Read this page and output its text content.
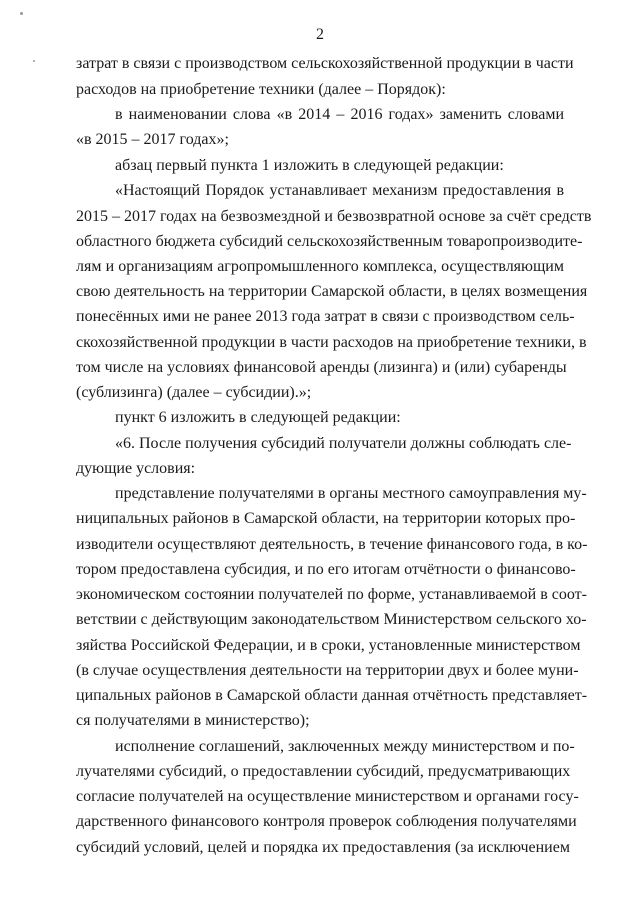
2
затрат в связи с производством сельскохозяйственной продукции в части
расходов на приобретение техники (далее – Порядок):
в наименовании слова «в 2014 – 2016 годах» заменить словами
«в 2015 – 2017 годах»;
абзац первый пункта 1 изложить в следующей редакции:
«Настоящий Порядок устанавливает механизм предоставления в
2015 – 2017 годах на безвозмездной и безвозвратной основе за счёт средств
областного бюджета субсидий сельскохозяйственным товаропроизводите-
лям и организациям агропромышленного комплекса, осуществляющим
свою деятельность на территории Самарской области, в целях возмещения
понесённых ими не ранее 2013 года затрат в связи с производством сель-
скохозяйственной продукции в части расходов на приобретение техники, в
том числе на условиях финансовой аренды (лизинга) и (или) субаренды
(сублизинга) (далее – субсидии).»;
пункт 6 изложить в следующей редакции:
«6. После получения субсидий получатели должны соблюдать сле-
дующие условия:
представление получателями в органы местного самоуправления му-
ниципальных районов в Самарской области, на территории которых про-
изводители осуществляют деятельность, в течение финансового года, в ко-
тором предоставлена субсидия, и по его итогам отчётности о финансово-
экономическом состоянии получателей по форме, устанавливаемой в соот-
ветствии с действующим законодательством Министерством сельского хо-
зяйства Российской Федерации, и в сроки, установленные министерством
(в случае осуществления деятельности на территории двух и более муни-
ципальных районов в Самарской области данная отчётность представляет-
ся получателями в министерство);
исполнение соглашений, заключенных между министерством и по-
лучателями субсидий, о предоставлении субсидий, предусматривающих
согласие получателей на осуществление министерством и органами госу-
дарственного финансового контроля проверок соблюдения получателями
субсидий условий, целей и порядка их предоставления (за исключением
